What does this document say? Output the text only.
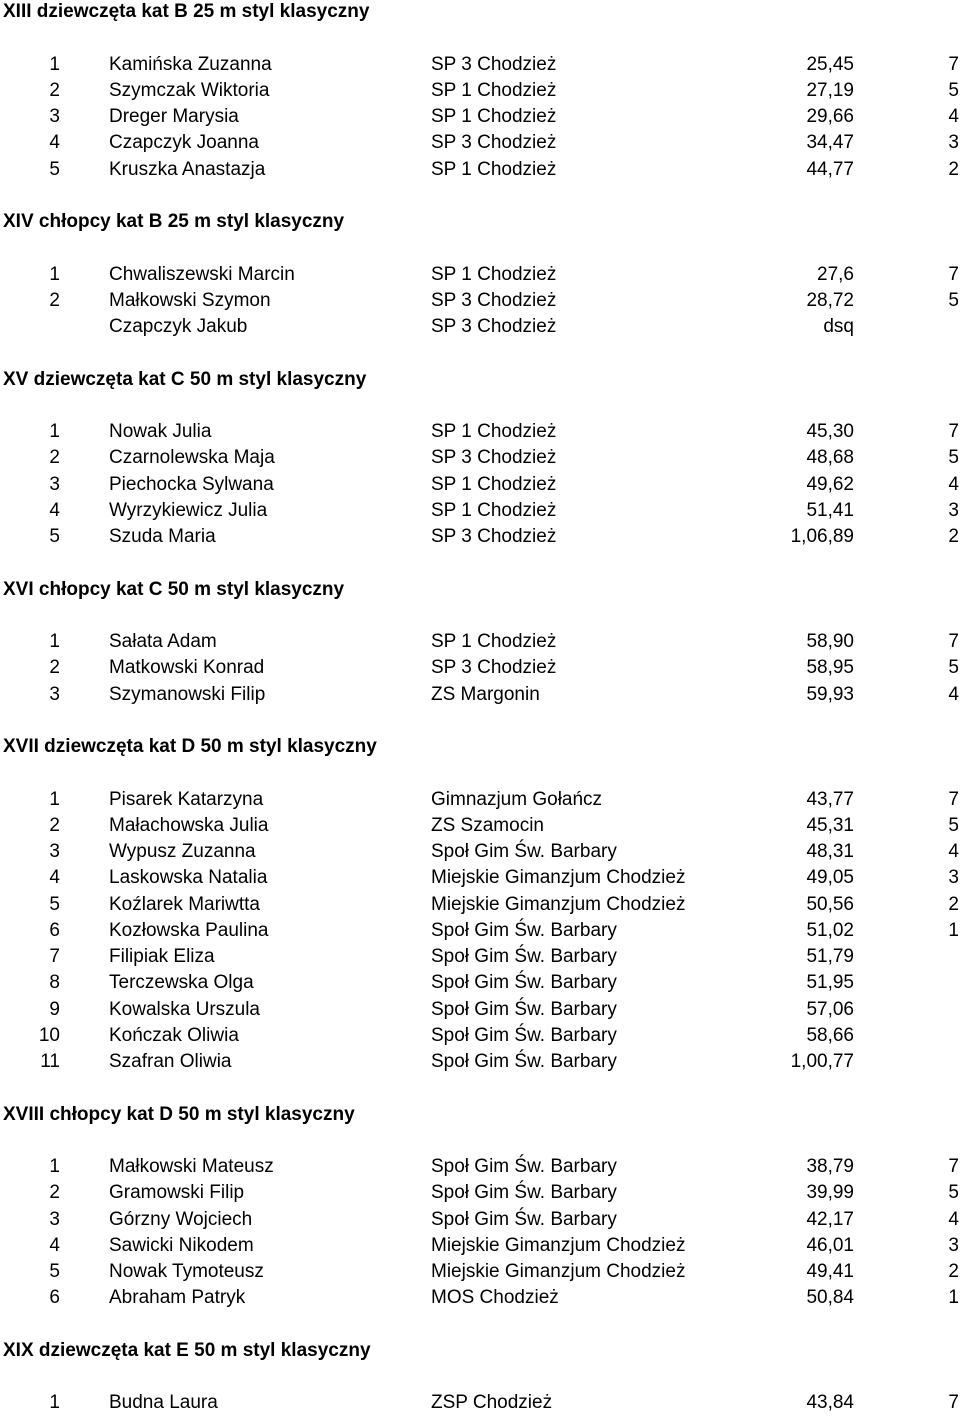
XIII dziewczęta kat B 25 m styl klasyczny
1	Kamińska Zuzanna	SP 3 Chodzież	25,45	7
2	Szymczak Wiktoria	SP 1 Chodzież	27,19	5
3	Dreger Marysia	SP 1 Chodzież	29,66	4
4	Czapczyk Joanna	SP 3 Chodzież	34,47	3
5	Kruszka Anastazja	SP 1 Chodzież	44,77	2
XIV chłopcy kat B 25 m styl klasyczny
1	Chwaliszewski Marcin	SP 1 Chodzież	27,6	7
2	Małkowski Szymon	SP 3 Chodzież	28,72	5
Czapczyk Jakub	SP 3 Chodzież	dsq
XV dziewczęta kat C 50 m styl klasyczny
1	Nowak Julia	SP 1 Chodzież	45,30	7
2	Czarnolewska Maja	SP 3 Chodzież	48,68	5
3	Piechocka Sylwana	SP 1 Chodzież	49,62	4
4	Wyrzykiewicz Julia	SP 1 Chodzież	51,41	3
5	Szuda Maria	SP 3 Chodzież	1,06,89	2
XVI chłopcy kat C 50 m styl klasyczny
1	Sałata Adam	SP 1 Chodzież	58,90	7
2	Matkowski Konrad	SP 3 Chodzież	58,95	5
3	Szymanowski Filip	ZS Margonin	59,93	4
XVII dziewczęta kat D 50 m styl klasyczny
1	Pisarek Katarzyna	Gimnazjum Gołańcz	43,77	7
2	Małachowska Julia	ZS Szamocin	45,31	5
3	Wypusz Zuzanna	Społ Gim Św. Barbary	48,31	4
4	Laskowska Natalia	Miejskie Gimanzjum Chodzież	49,05	3
5	Koźlarek Mariwtta	Miejskie Gimanzjum Chodzież	50,56	2
6	Kozłowska Paulina	Społ Gim Św. Barbary	51,02	1
7	Filipiak Eliza	Społ Gim Św. Barbary	51,79
8	Terczewska Olga	Społ Gim Św. Barbary	51,95
9	Kowalska Urszula	Społ Gim Św. Barbary	57,06
10	Kończak Oliwia	Społ Gim Św. Barbary	58,66
11	Szafran Oliwia	Społ Gim Św. Barbary	1,00,77
XVIII chłopcy kat D 50 m styl klasyczny
1	Małkowski Mateusz	Społ Gim Św. Barbary	38,79	7
2	Gramowski Filip	Społ Gim Św. Barbary	39,99	5
3	Górzny Wojciech	Społ Gim Św. Barbary	42,17	4
4	Sawicki Nikodem	Miejskie Gimanzjum Chodzież	46,01	3
5	Nowak Tymoteusz	Miejskie Gimanzjum Chodzież	49,41	2
6	Abraham Patryk	MOS Chodzież	50,84	1
XIX dziewczęta kat E 50 m styl klasyczny
1	Budna Laura	ZSP Chodzież	43,84	7
